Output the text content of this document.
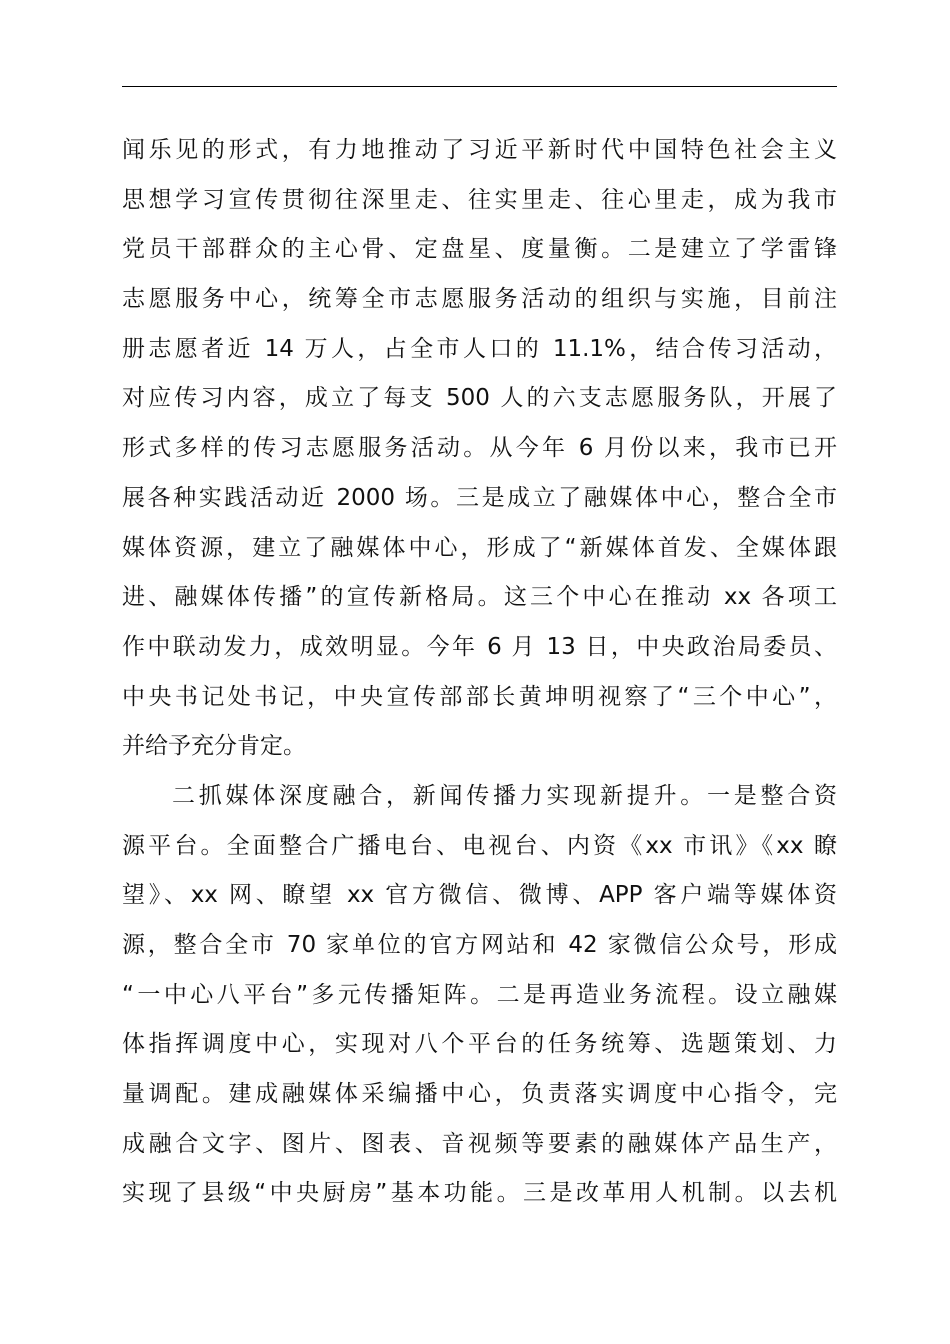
闻乐见的形式，有力地推动了习近平新时代中国特色社会主义
思想学习宣传贯彻往深里走、往实里走、往心里走，成为我市
党员干部群众的主心骨、定盘星、度量衡。二是建立了学雷锋
志愿服务中心，统筹全市志愿服务活动的组织与实施，目前注
册志愿者近 14 万人，占全市人口的 11.1%，结合传习活动，
对应传习内容，成立了每支 500 人的六支志愿服务队，开展了
形式多样的传习志愿服务活动。从今年 6 月份以来，我市已开
展各种实践活动近 2000 场。三是成立了融媒体中心，整合全市
媒体资源，建立了融媒体中心，形成了“新媒体首发、全媒体跟
进、融媒体传播”的宣传新格局。这三个中心在推动 xx 各项工
作中联动发力，成效明显。今年 6 月 13 日，中央政治局委员、
中央书记处书记，中央宣传部部长黄坤明视察了“三个中心”，
并给予充分肯定。
二抓媒体深度融合，新闻传播力实现新提升。一是整合资
源平台。全面整合广播电台、电视台、内资《xx 市讯》《xx 瞭
望》、xx 网、瞭望 xx 官方微信、微博、APP 客户端等媒体资
源，整合全市 70 家单位的官方网站和 42 家微信公众号，形成
“一中心八平台”多元传播矩阵。二是再造业务流程。设立融媒
体指挥调度中心，实现对八个平台的任务统筹、选题策划、力
量调配。建成融媒体采编播中心，负责落实调度中心指令，完
成融合文字、图片、图表、音视频等要素的融媒体产品生产，
实现了县级“中央厨房”基本功能。三是改革用人机制。以去机
